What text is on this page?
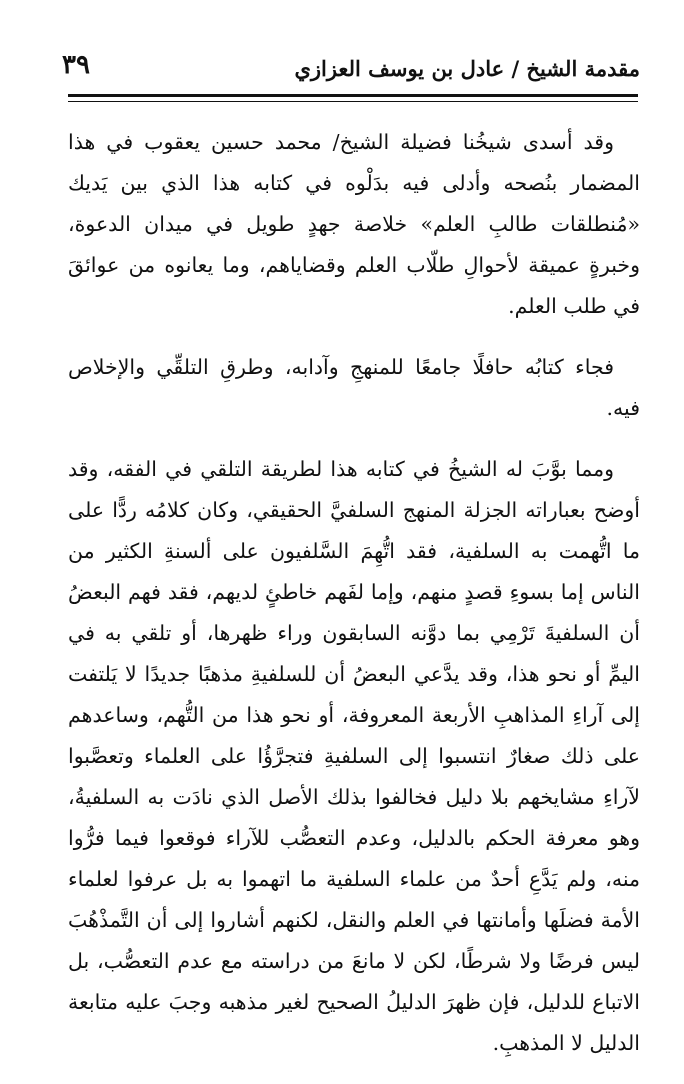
٣٩	مقدمة الشيخ / عادل بن يوسف العزازي

وقد أسدى شيخُنا فضيلة الشيخ/ محمد حسين يعقوب في هذا المضمار بنُصحه وأدلى فيه بدَلْوه في كتابه هذا الذي بين يَديك «مُنطلقات طالبِ العلم» خلاصة جهدٍ طويل في ميدان الدعوة، وخبرةٍ عميقة لأحوالِ طلّاب العلم وقضاياهم، وما يعانوه من عوائقَ في طلب العلم.

فجاء كتابُه حافلًا جامعًا للمنهجِ وآدابه، وطرقِ التلقِّي والإخلاص فيه.

ومما بوَّبَ له الشيخُ في كتابه هذا لطريقة التلقي في الفقه، وقد أوضح بعباراته الجزلة المنهج السلفيَّ الحقيقي، وكان كلامُه ردًّا على ما اتُّهمت به السلفية، فقد اتُّهِمَ السَّلفيون على ألسنةِ الكثير من الناس إما بسوءِ قصدٍ منهم، وإما لفَهم خاطئٍ لديهم، فقد فهم البعضُ أن السلفيةَ تَرْمِي بما دوَّنه السابقون وراء ظهرها، أو تلقي به في اليمِّ أو نحو هذا، وقد يدَّعي البعضُ أن للسلفيةِ مذهبًا جديدًا لا يَلتفت إلى آراءِ المذاهبِ الأربعة المعروفة، أو نحو هذا من التُّهم، وساعدهم على ذلك صغارٌ انتسبوا إلى السلفيةِ فتجرَّؤُا على العلماء وتعصَّبوا لآراءِ مشايخهم بلا دليل فخالفوا بذلك الأصل الذي نادَت به السلفيةُ، وهو معرفة الحكم بالدليل، وعدم التعصُّب للآراء فوقعوا فيما فرُّوا منه، ولم يَدَّعِ أحدٌ من علماء السلفية ما اتهموا به بل عرفوا لعلماء الأمة فضلَها وأمانتها في العلم والنقل، لكنهم أشاروا إلى أن التَّمذْهُبَ ليس فرضًا ولا شرطًا، لكن لا مانعَ من دراسته مع عدم التعصُّب، بل الاتباع للدليل، فإن ظهرَ الدليلُ الصحيح لغير مذهبه وجبَ عليه متابعة الدليل لا المذهبِ.
